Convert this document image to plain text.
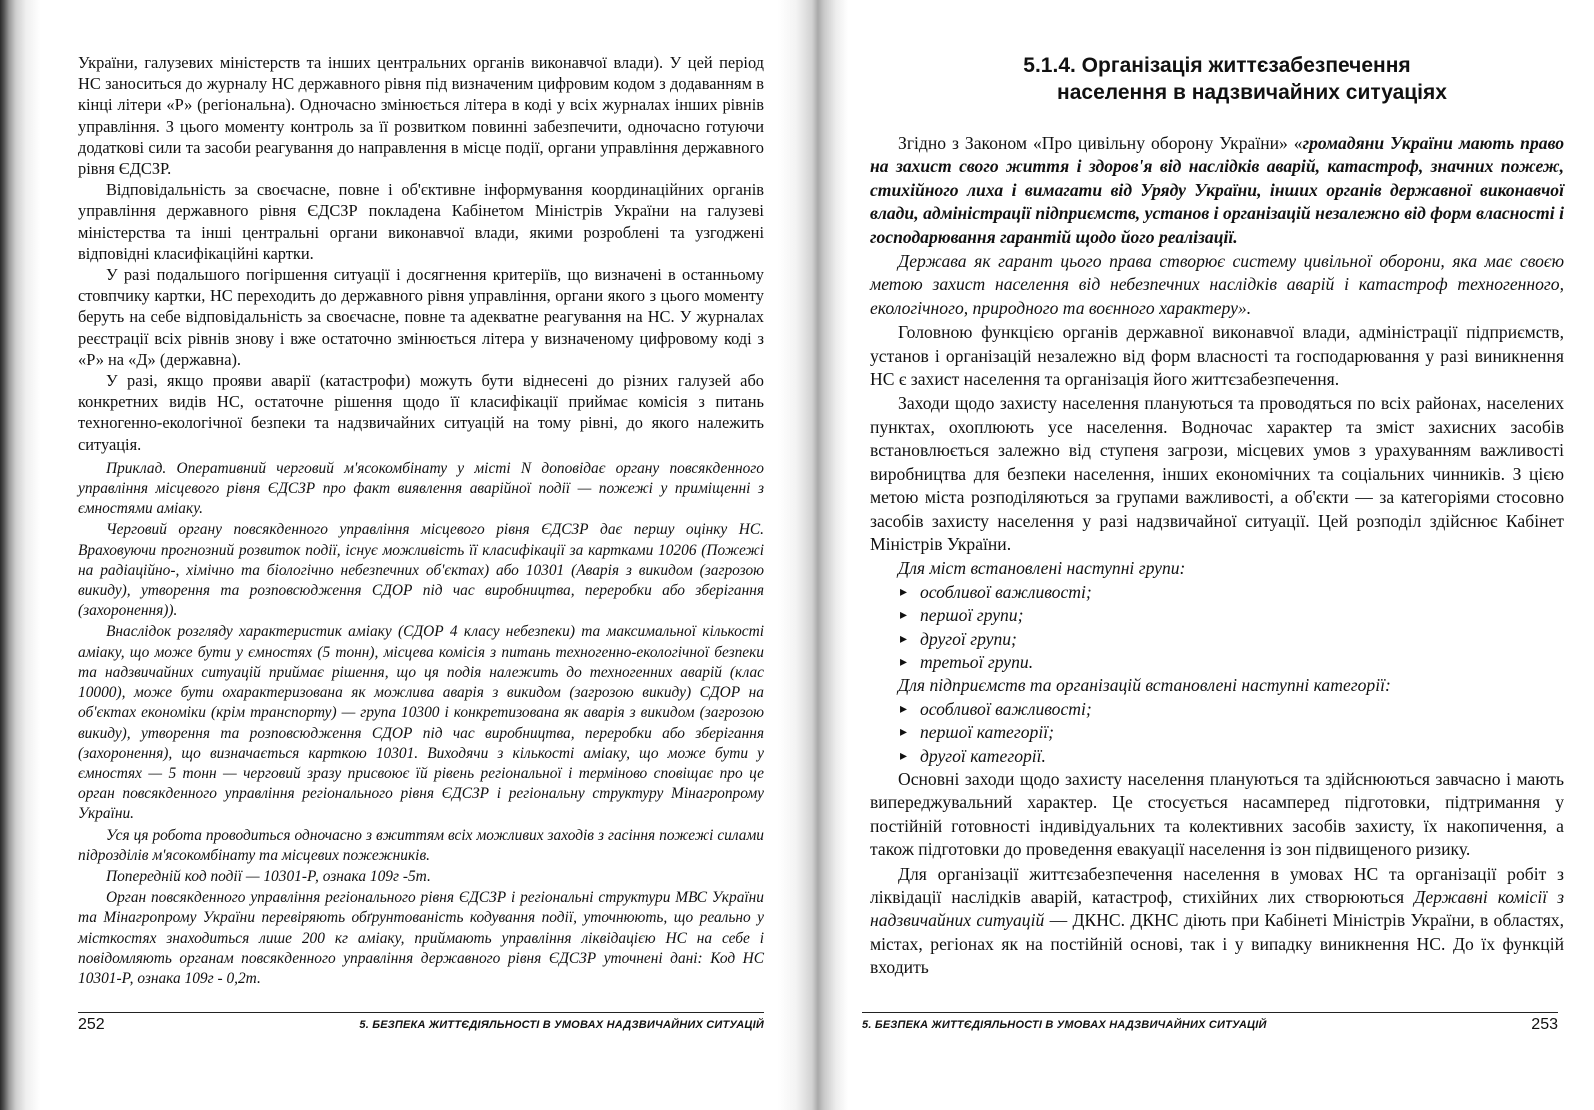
України, галузевих міністерств та інших центральних органів виконавчої влади). У цей період НС заноситься до журналу НС державного рівня під визначеним цифровим кодом з додаванням в кінці літери «Р» (регіональна). Одночасно змінюється літера в коді у всіх журналах інших рівнів управління. З цього моменту контроль за її розвитком повинні забезпечити, одночасно готуючи додаткові сили та засоби реагування до направлення в місце події, органи управління державного рівня ЄДСЗР.

Відповідальність за своєчасне, повне і об'єктивне інформування координаційних органів управління державного рівня ЄДСЗР покладена Кабінетом Міністрів України на галузеві міністерства та інші центральні органи виконавчої влади, якими розроблені та узгоджені відповідні класифікаційні картки.

У разі подальшого погіршення ситуації і досягнення критеріїв, що визначені в останньому стовпчику картки, НС переходить до державного рівня управління, органи якого з цього моменту беруть на себе відповідальність за своєчасне, повне та адекватне реагування на НС. У журналах реєстрації всіх рівнів знову і вже остаточно змінюється літера у визначеному цифровому коді з «Р» на «Д» (державна).

У разі, якщо прояви аварії (катастрофи) можуть бути віднесені до різних галузей або конкретних видів НС, остаточне рішення щодо її класифікації приймає комісія з питань техногенно-екологічної безпеки та надзвичайних ситуацій на тому рівні, до якого належить ситуація.

Приклад. Оперативний черговий м'ясокомбінату у місті N доповідає органу повсякденного управління місцевого рівня ЄДСЗР про факт виявлення аварійної події — пожежі у приміщенні з ємностями аміаку.

Черговий органу повсякденного управління місцевого рівня ЄДСЗР дає першу оцінку НС. Враховуючи прогнозний розвиток події, існує можливість її класифікації за картками 10206 (Пожежі на радіаційно-, хімічно та біологічно небезпечних об'єктах) або 10301 (Аварія з викидом (загрозою викиду), утворення та розповсюдження СДОР під час виробництва, переробки або зберігання (захоронення)).

Внаслідок розгляду характеристик аміаку (СДОР 4 класу небезпеки) та максимальної кількості аміаку, що може бути у ємностях (5 тонн), місцева комісія з питань техногенно-екологічної безпеки та надзвичайних ситуацій приймає рішення, що ця подія належить до техногенних аварій (клас 10000), може бути охарактеризована як можлива аварія з викидом (загрозою викиду) СДОР на об'єктах економіки (крім транспорту) — група 10300 і конкретизована як аварія з викидом (загрозою викиду), утворення та розповсюдження СДОР під час виробництва, переробки або зберігання (захоронення), що визначається карткою 10301. Виходячи з кількості аміаку, що може бути у ємностях — 5 тонн — черговий зразу присвоює їй рівень регіональної і терміново сповіщає про це орган повсякденного управління регіонального рівня ЄДСЗР і регіональну структуру Мінагропрому України.

Уся ця робота проводиться одночасно з вжиттям всіх можливих заходів з гасіння пожежі силами підрозділів м'ясокомбінату та місцевих пожежників.

Попередній код події — 10301-Р, ознака 109г -5т.

Орган повсякденного управління регіонального рівня ЄДСЗР і регіональні структури МВС України та Мінагропрому України перевіряють обґрунтованість кодування події, уточнюють, що реально у місткостях знаходиться лише 200 кг аміаку, приймають управління ліквідацією НС на себе і повідомляють органам повсякденного управління державного рівня ЄДСЗР уточнені дані: Код НС 10301-Р, ознака 109г - 0,2т.

252	5. БЕЗПЕКА ЖИТТЄДІЯЛЬНОСТІ В УМОВАХ НАДЗВИЧАЙНИХ СИТУАЦІЙ
5.1.4. Організація життєзабезпечення
населення в надзвичайних ситуаціях

Згідно з Законом «Про цивільну оборону України» «громадяни України мають право на захист свого життя і здоров'я від наслідків аварій, катастроф, значних пожеж, стихійного лиха і вимагати від Уряду України, інших органів державної виконавчої влади, адміністрації підприємств, установ і організацій незалежно від форм власності і господарювання гарантій щодо його реалізації.

Держава як гарант цього права створює систему цивільної оборони, яка має своєю метою захист населення від небезпечних наслідків аварій і катастроф техногенного, екологічного, природного та воєнного характеру».

Головною функцією органів державної виконавчої влади, адміністрації підприємств, установ і організацій незалежно від форм власності та господарювання у разі виникнення НС є захист населення та організація його життєзабезпечення.

Заходи щодо захисту населення плануються та проводяться по всіх районах, населених пунктах, охоплюють усе населення. Водночас характер та зміст захисних засобів встановлюється залежно від ступеня загрози, місцевих умов з урахуванням важливості виробництва для безпеки населення, інших економічних та соціальних чинників. З цією метою міста розподіляються за групами важливості, а об'єкти — за категоріями стосовно засобів захисту населення у разі надзвичайної ситуації. Цей розподіл здійснює Кабінет Міністрів України.

Для міст встановлені наступні групи:
▸ особливої важливості;
▸ першої групи;
▸ другої групи;
▸ третьої групи.
Для підприємств та організацій встановлені наступні категорії:
▸ особливої важливості;
▸ першої категорії;
▸ другої категорії.

Основні заходи щодо захисту населення плануються та здійснюються завчасно і мають випереджувальний характер. Це стосується насамперед підготовки, підтримання у постійній готовності індивідуальних та колективних засобів захисту, їх накопичення, а також підготовки до проведення евакуації населення із зон підвищеного ризику.

Для організації життєзабезпечення населення в умовах НС та організації робіт з ліквідації наслідків аварій, катастроф, стихійних лих створюються Державні комісії з надзвичайних ситуацій — ДКНС. ДКНС діють при Кабінеті Міністрів України, в областях, містах, регіонах як на постійній основі, так і у випадку виникнення НС. До їх функцій входить

5. БЕЗПЕКА ЖИТТЄДІЯЛЬНОСТІ В УМОВАХ НАДЗВИЧАЙНИХ СИТУАЦІЙ	253
